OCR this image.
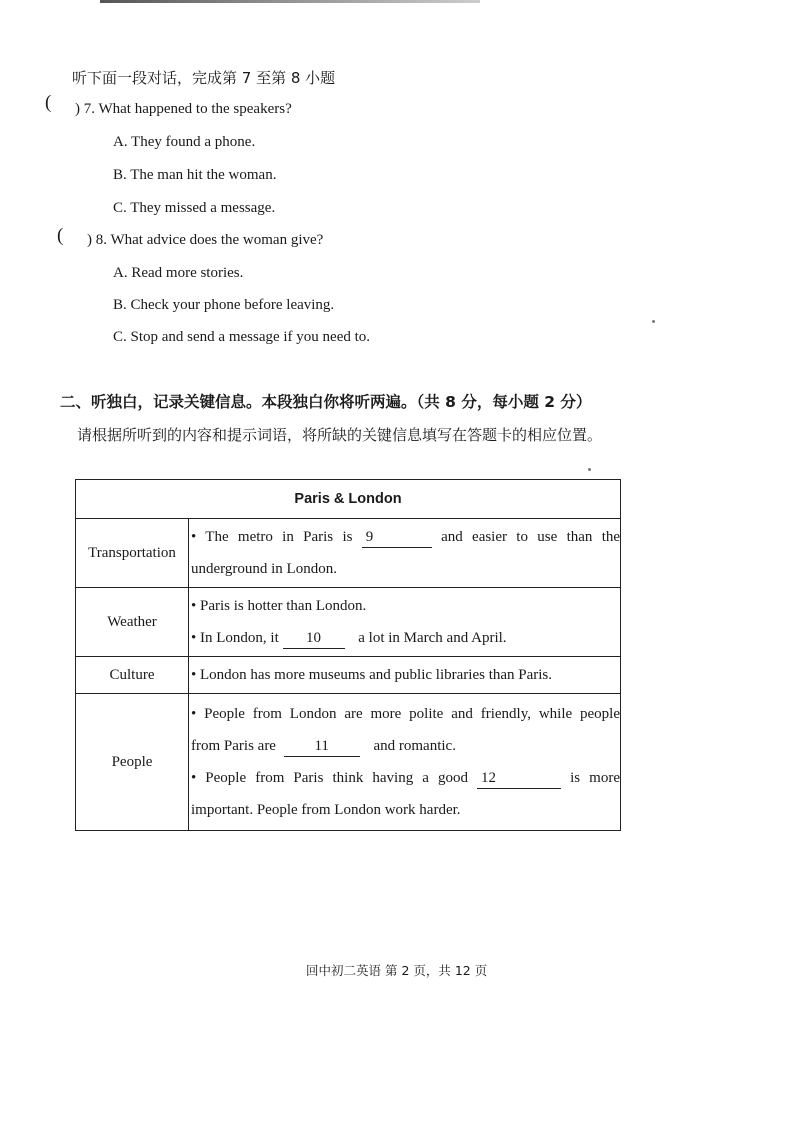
听下面一段对话，完成第 7 至第 8 小题
( ) 7. What happened to the speakers?
A. They found a phone.
B. The man hit the woman.
C. They missed a message.
( ) 8. What advice does the woman give?
A. Read more stories.
B. Check your phone before leaving.
C. Stop and send a message if you need to.
二、听独白，记录关键信息。本段独白你将听两遍。（共 8 分，每小题 2 分）
请根据所听到的内容和提示词语，将所缺的关键信息填写在答题卡的相应位置。
Paris & London	
Transportation	• The metro in Paris is 9 and easier to use than the
underground in London.

Weather	• Paris is hotter than London.
• In London, it 10 a lot in March and April.

Culture	• London has more museums and public libraries than Paris.

People	• People from London are more polite and friendly, while people
from Paris are 11 and romantic.
• People from Paris think having a good 12 is more
important. People from London work harder.
回中初二英语 第 2 页，共 12 页
